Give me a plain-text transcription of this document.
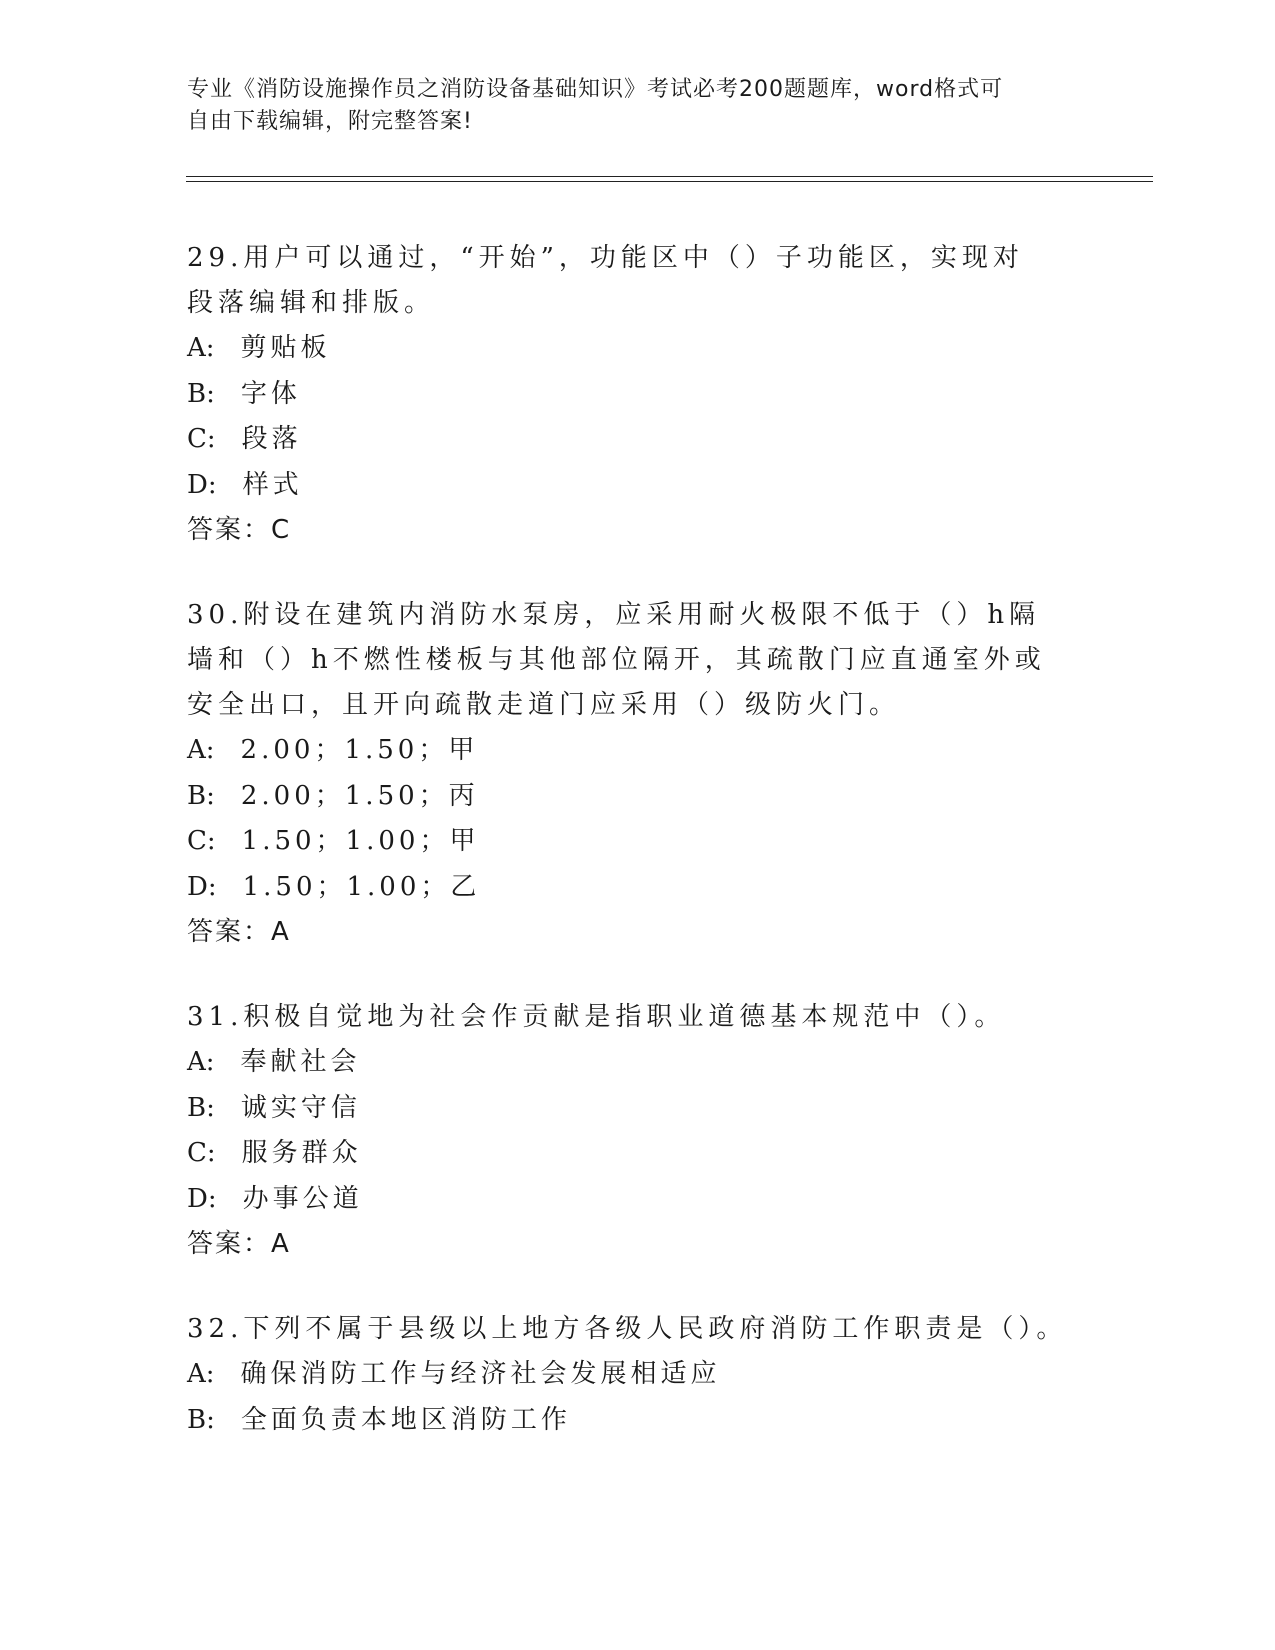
专业《消防设施操作员之消防设备基础知识》考试必考200题题库，word格式可
自由下载编辑，附完整答案!

29.用户可以通过，“开始”，功能区中（）子功能区，实现对段落编辑和排版。

A: 剪贴板

B: 字体

C: 段落

D: 样式

答案：C

30.附设在建筑内消防水泵房，应采用耐火极限不低于（）h隔墙和（）h不燃性楼板与其他部位隔开，其疏散门应直通室外或安全出口，且开向疏散走道门应采用（）级防火门。

A: 2.00；1.50；甲

B: 2.00；1.50；丙

C: 1.50；1.00；甲

D: 1.50；1.00；乙

答案：A

31.积极自觉地为社会作贡献是指职业道德基本规范中（）。

A: 奉献社会

B: 诚实守信

C: 服务群众

D: 办事公道

答案：A

32.下列不属于县级以上地方各级人民政府消防工作职责是（）。

A: 确保消防工作与经济社会发展相适应

B: 全面负责本地区消防工作
